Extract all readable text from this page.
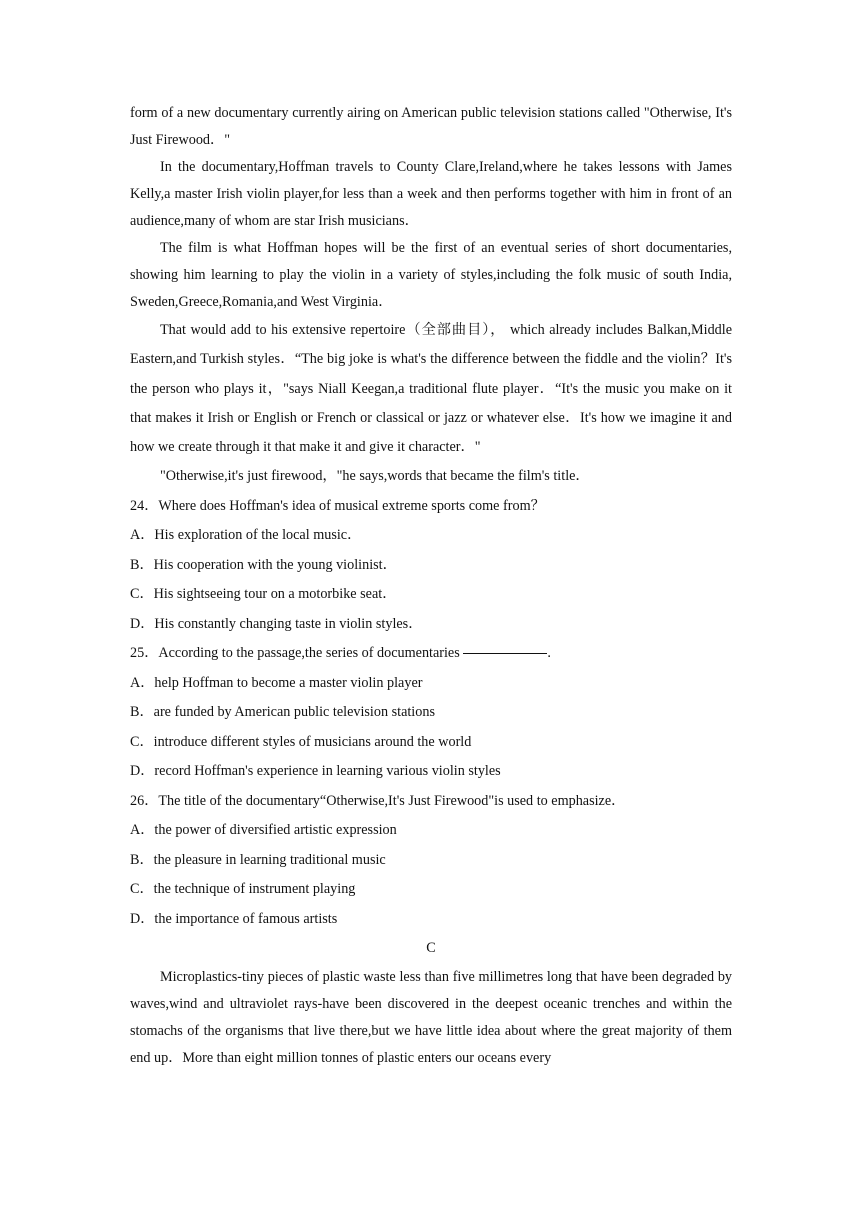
form of a new documentary currently airing on American public television stations called "Otherwise, It's Just Firewood．"

In the documentary,Hoffman travels to County Clare,Ireland,where he takes lessons with James Kelly,a master Irish violin player,for less than a week and then performs together with him in front of an audience,many of whom are star Irish musicians．

The film is what Hoffman hopes will be the first of an eventual series of short documentaries, showing him learning to play the violin in a variety of styles,including the folk music of south India, Sweden,Greece,Romania,and West Virginia．

That would add to his extensive repertoire（全部曲目）， which already includes Balkan,Middle Eastern,and Turkish styles．“The big joke is what's the difference between the fiddle and the violin？It's the person who plays it，"says Niall Keegan,a traditional flute player．“It's the music you make on it that makes it Irish or English or French or classical or jazz or whatever else．It's how we imagine it and how we create through it that make it and give it character．"

"Otherwise,it's just firewood，"he says,words that became the film's title．

24．Where does Hoffman's idea of musical extreme sports come from？

A．His exploration of the local music．

B．His cooperation with the young violinist．

C．His sightseeing tour on a motorbike seat．

D．His constantly changing taste in violin styles．

25．According to the passage,the series of documentaries	.

A．help Hoffman to become a master violin player

B．are funded by American public television stations

C．introduce different styles of musicians around the world

D．record Hoffman's experience in learning various violin styles

26．The title of the documentary“Otherwise,It's Just Firewood"is used to emphasize．

A．the power of diversified artistic expression

B．the pleasure in learning traditional music

C．the technique of instrument playing

D．the importance of famous artists

C

Microplastics-tiny pieces of plastic waste less than five millimetres long that have been degraded by waves,wind and ultraviolet rays-have been discovered in the deepest oceanic trenches and within the stomachs of the organisms that live there,but we have little idea about where the great majority of them end up．More than eight million tonnes of plastic enters our oceans every
